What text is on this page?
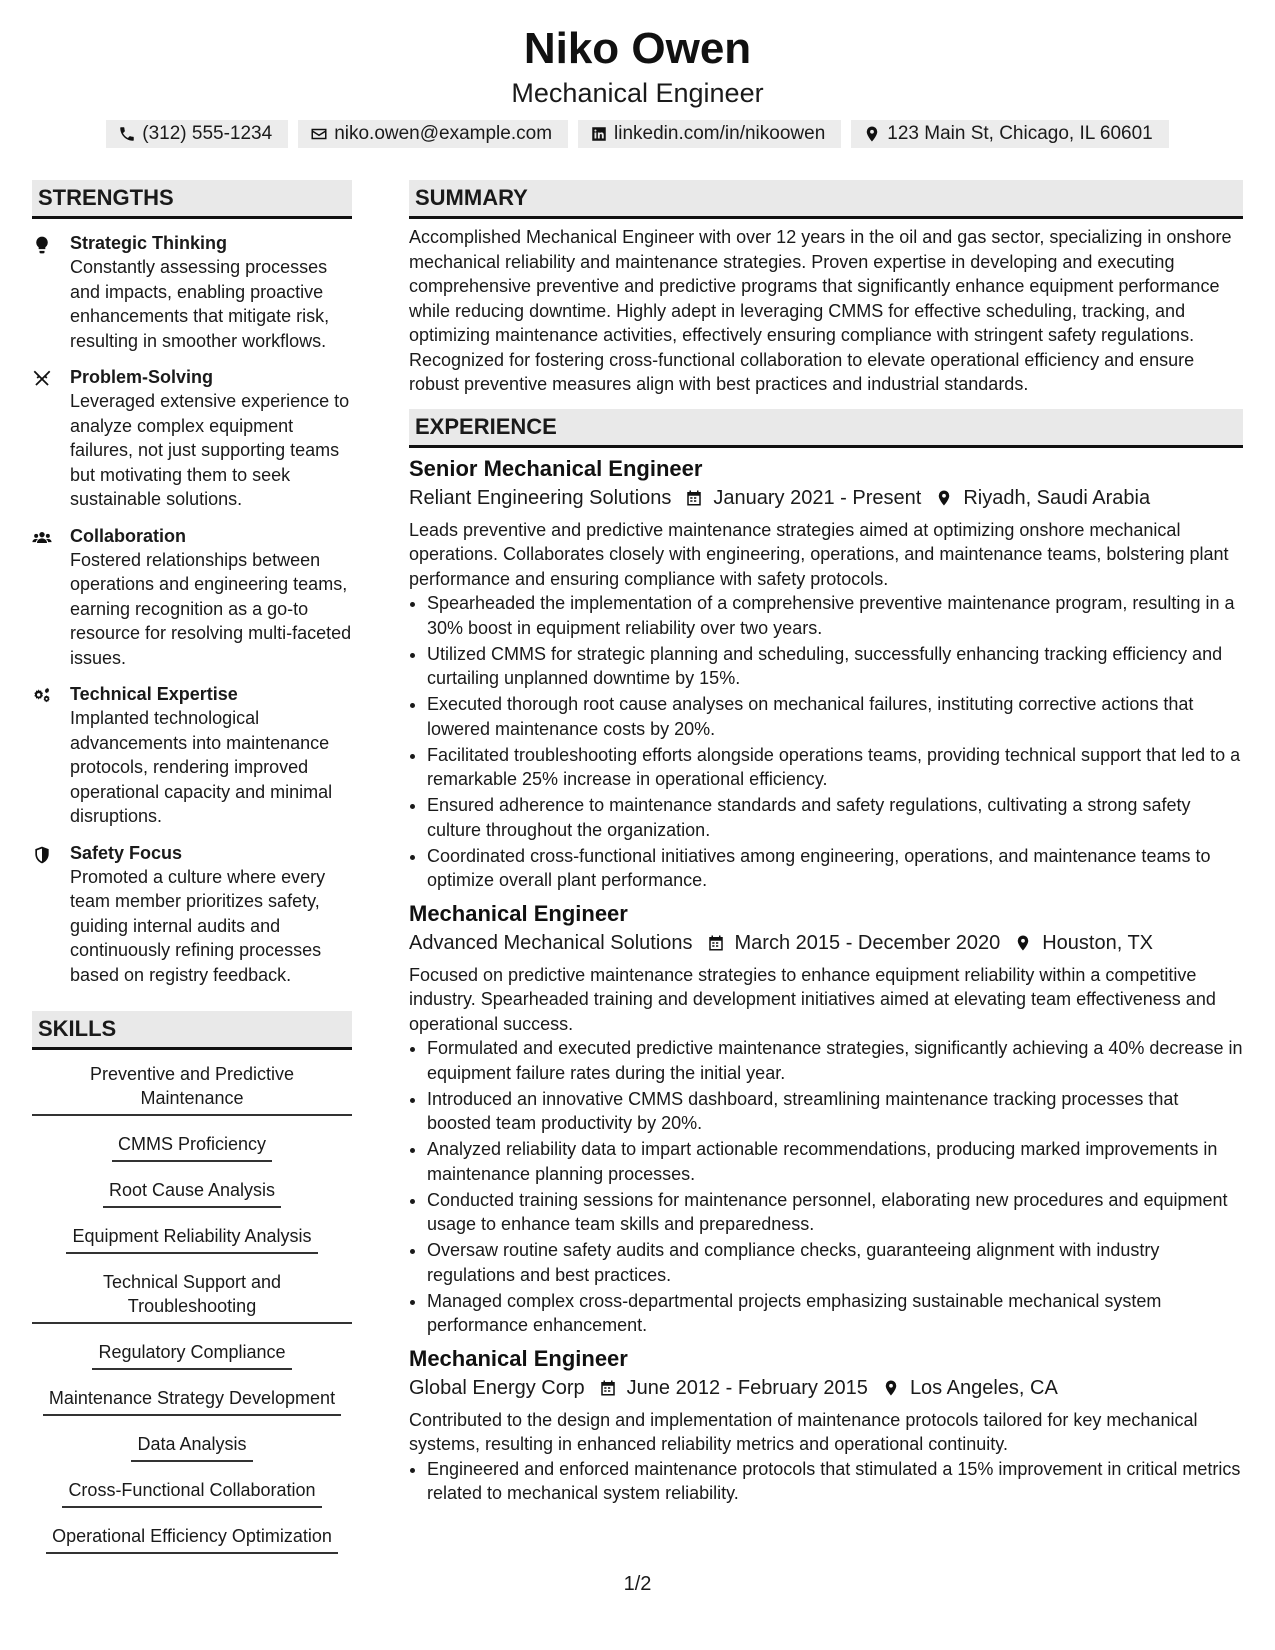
Niko Owen
Mechanical Engineer
(312) 555-1234	niko.owen@example.com	linkedin.com/in/nikoowen	123 Main St, Chicago, IL 60601
STRENGTHS
Strategic Thinking
Constantly assessing processes and impacts, enabling proactive enhancements that mitigate risk, resulting in smoother workflows.
Problem-Solving
Leveraged extensive experience to analyze complex equipment failures, not just supporting teams but motivating them to seek sustainable solutions.
Collaboration
Fostered relationships between operations and engineering teams, earning recognition as a go-to resource for resolving multi-faceted issues.
Technical Expertise
Implanted technological advancements into maintenance protocols, rendering improved operational capacity and minimal disruptions.
Safety Focus
Promoted a culture where every team member prioritizes safety, guiding internal audits and continuously refining processes based on registry feedback.
SKILLS
Preventive and Predictive Maintenance
CMMS Proficiency
Root Cause Analysis
Equipment Reliability Analysis
Technical Support and Troubleshooting
Regulatory Compliance
Maintenance Strategy Development
Data Analysis
Cross-Functional Collaboration
Operational Efficiency Optimization
SUMMARY
Accomplished Mechanical Engineer with over 12 years in the oil and gas sector, specializing in onshore mechanical reliability and maintenance strategies. Proven expertise in developing and executing comprehensive preventive and predictive programs that significantly enhance equipment performance while reducing downtime. Highly adept in leveraging CMMS for effective scheduling, tracking, and optimizing maintenance activities, effectively ensuring compliance with stringent safety regulations. Recognized for fostering cross-functional collaboration to elevate operational efficiency and ensure robust preventive measures align with best practices and industrial standards.
EXPERIENCE
Senior Mechanical Engineer
Reliant Engineering Solutions January 2021 - Present Riyadh, Saudi Arabia
Leads preventive and predictive maintenance strategies aimed at optimizing onshore mechanical operations. Collaborates closely with engineering, operations, and maintenance teams, bolstering plant performance and ensuring compliance with safety protocols.
• Spearheaded the implementation of a comprehensive preventive maintenance program, resulting in a 30% boost in equipment reliability over two years.
• Utilized CMMS for strategic planning and scheduling, successfully enhancing tracking efficiency and curtailing unplanned downtime by 15%.
• Executed thorough root cause analyses on mechanical failures, instituting corrective actions that lowered maintenance costs by 20%.
• Facilitated troubleshooting efforts alongside operations teams, providing technical support that led to a remarkable 25% increase in operational efficiency.
• Ensured adherence to maintenance standards and safety regulations, cultivating a strong safety culture throughout the organization.
• Coordinated cross-functional initiatives among engineering, operations, and maintenance teams to optimize overall plant performance.
Mechanical Engineer
Advanced Mechanical Solutions March 2015 - December 2020 Houston, TX
Focused on predictive maintenance strategies to enhance equipment reliability within a competitive industry. Spearheaded training and development initiatives aimed at elevating team effectiveness and operational success.
• Formulated and executed predictive maintenance strategies, significantly achieving a 40% decrease in equipment failure rates during the initial year.
• Introduced an innovative CMMS dashboard, streamlining maintenance tracking processes that boosted team productivity by 20%.
• Analyzed reliability data to impart actionable recommendations, producing marked improvements in maintenance planning processes.
• Conducted training sessions for maintenance personnel, elaborating new procedures and equipment usage to enhance team skills and preparedness.
• Oversaw routine safety audits and compliance checks, guaranteeing alignment with industry regulations and best practices.
• Managed complex cross-departmental projects emphasizing sustainable mechanical system performance enhancement.
Mechanical Engineer
Global Energy Corp June 2012 - February 2015 Los Angeles, CA
Contributed to the design and implementation of maintenance protocols tailored for key mechanical systems, resulting in enhanced reliability metrics and operational continuity.
• Engineered and enforced maintenance protocols that stimulated a 15% improvement in critical metrics related to mechanical system reliability.
1/2
